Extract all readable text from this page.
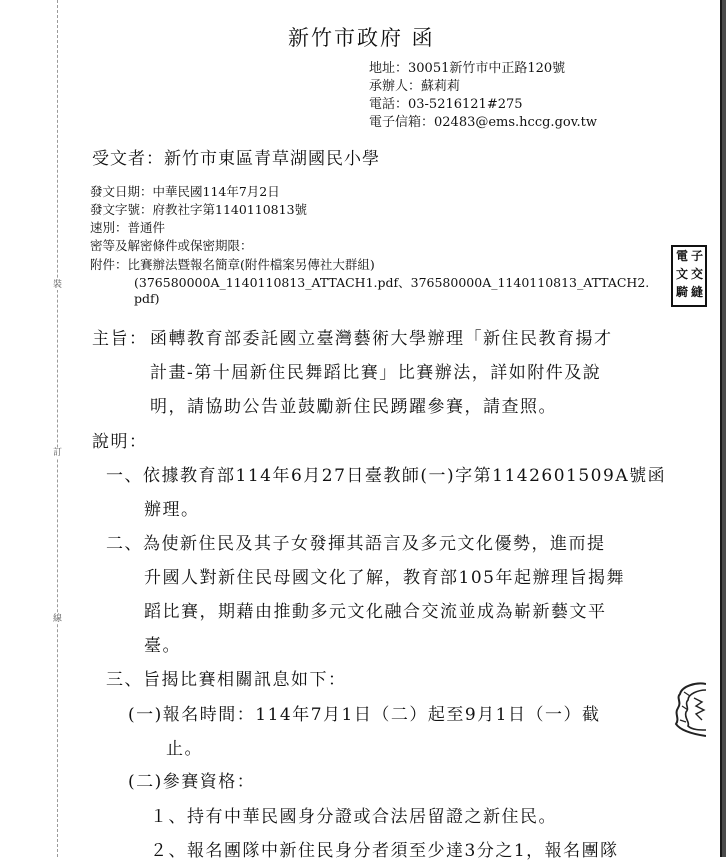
裝
訂
線
新竹市政府 函
地址：30051新竹市中正路120號
承辦人：蘇莉莉
電話：03-5216121#275
電子信箱：02483@ems.hccg.gov.tw
受文者：新竹市東區青草湖國民小學
發文日期：中華民國114年7月2日
發文字號：府教社字第1140110813號
速別：普通件
密等及解密條件或保密期限：
附件：比賽辦法暨報名簡章(附件檔案另傳社大群組)
(376580000A_1140110813_ATTACH1.pdf、376580000A_1140110813_ATTACH2.
pdf)
主旨： 函轉教育部委託國立臺灣藝術大學辦理「新住民教育揚才
計畫-第十屆新住民舞蹈比賽」比賽辦法，詳如附件及說
明，請協助公告並鼓勵新住民踴躍參賽，請查照。
說明：
一、依據教育部114年6月27日臺教師(一)字第1142601509A號函
辦理。
二、為使新住民及其子女發揮其語言及多元文化優勢，進而提
升國人對新住民母國文化了解，教育部105年起辦理旨揭舞
蹈比賽，期藉由推動多元文化融合交流並成為嶄新藝文平
臺。
三、旨揭比賽相關訊息如下：
(一)報名時間：114年7月1日（二）起至9月1日（一）截
止。
(二)參賽資格：
１、持有中華民國身分證或合法居留證之新住民。
２、報名團隊中新住民身分者須至少達3分之1，報名團隊
電
文
騎
子
交
縫
